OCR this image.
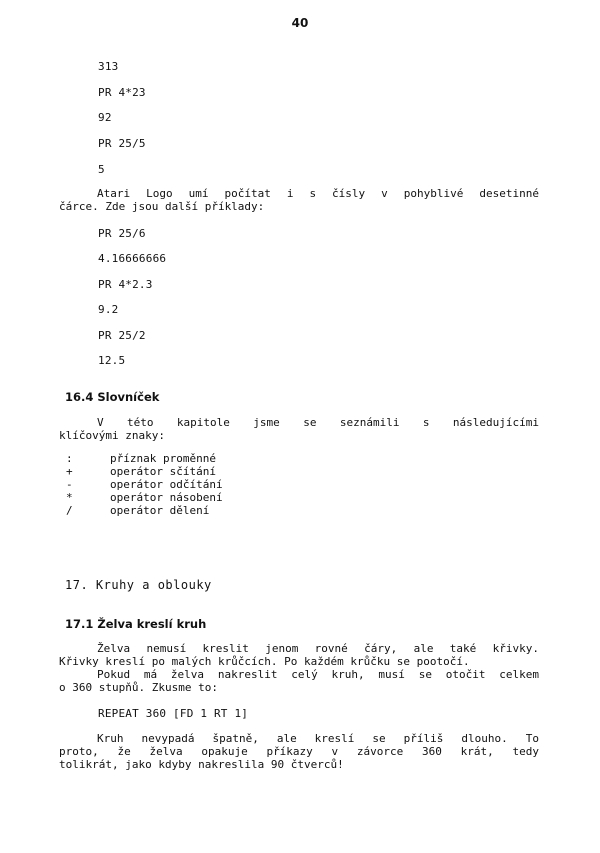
40
313
PR 4*23
92
PR 25/5
5
Atari Logo umí počítat i s čísly v pohyblivé desetinné
čárce. Zde jsou další příklady:
PR 25/6
4.16666666
PR 4*2.3
9.2
PR 25/2
12.5
16.4 Slovníček
V této kapitole jsme se seznámili s následujícími
klíčovými znaky:
:	příznak proměnné
+	operátor sčítání
-	operátor odčítání
*	operátor násobení
/	operátor dělení
17. Kruhy a oblouky
17.1 Želva kreslí kruh
Želva nemusí kreslit jenom rovné čáry, ale také křivky.
Křivky kreslí po malých krůčcích. Po každém krůčku se pootočí.
Pokud má želva nakreslit celý kruh, musí se otočit celkem
o 360 stupňů. Zkusme to:
REPEAT 360 [FD 1 RT 1]
Kruh nevypadá špatně, ale kreslí se příliš dlouho. To
proto, že želva opakuje příkazy v závorce 360 krát, tedy
tolikrát, jako kdyby nakreslila 90 čtverců!
